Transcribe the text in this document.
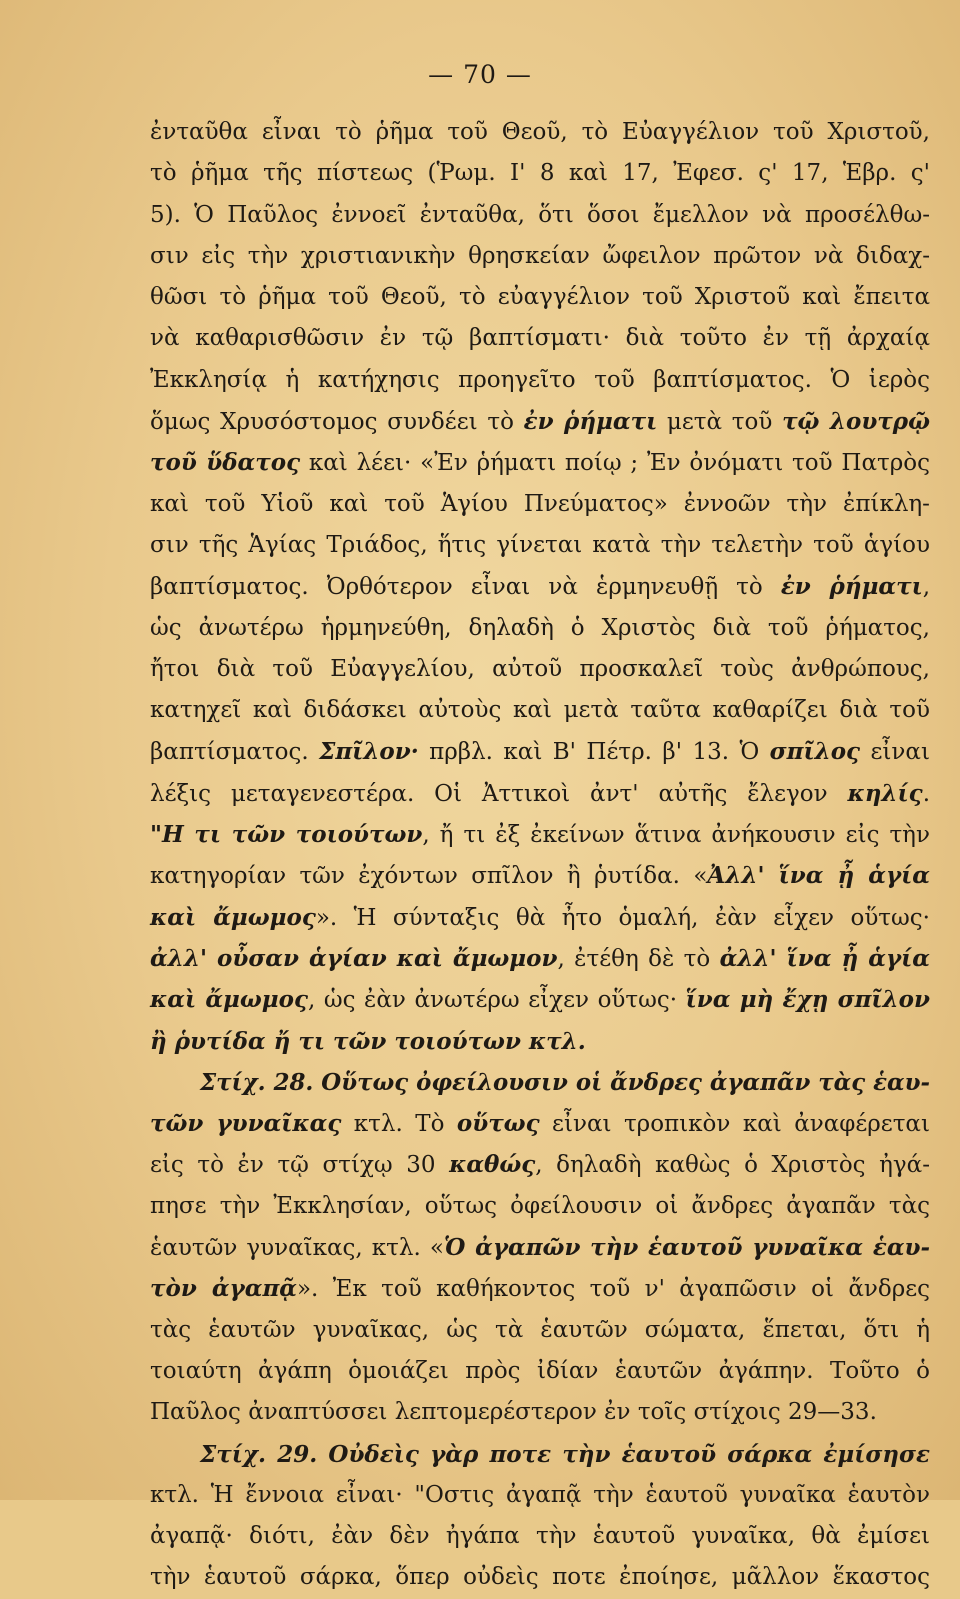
— 70 —
ἐνταῦθα εἶναι τὸ ῥῆμα τοῦ Θεοῦ, τὸ Εὐαγγέλιον τοῦ Χριστοῦ,
τὸ ῥῆμα τῆς πίστεως (Ῥωμ. Ι' 8 καὶ 17, Ἐφεσ. ς' 17, Ἑβρ. ς'
5). Ὁ Παῦλος ἐννοεῖ ἐνταῦθα, ὅτι ὅσοι ἔμελλον νὰ προσέλθω-
σιν εἰς τὴν χριστιανικὴν θρησκείαν ὤφειλον πρῶτον νὰ διδαχ-
θῶσι τὸ ῥῆμα τοῦ Θεοῦ, τὸ εὐαγγέλιον τοῦ Χριστοῦ καὶ ἔπειτα
νὰ καθαρισθῶσιν ἐν τῷ βαπτίσματι· διὰ τοῦτο ἐν τῇ ἀρχαίᾳ
Ἐκκλησίᾳ ἡ κατήχησις προηγεῖτο τοῦ βαπτίσματος. Ὁ ἱερὸς
ὅμως Χρυσόστομος συνδέει τὸ ἐν ῥήματι μετὰ τοῦ τῷ λουτρῷ
τοῦ ὕδατος καὶ λέει· «Ἐν ῥήματι ποίῳ ; Ἐν ὀνόματι τοῦ Πατρὸς
καὶ τοῦ Υἱοῦ καὶ τοῦ Ἁγίου Πνεύματος» ἐννοῶν τὴν ἐπίκλη-
σιν τῆς Ἁγίας Τριάδος, ἥτις γίνεται κατὰ τὴν τελετὴν τοῦ ἁγίου
βαπτίσματος. Ὀρθότερον εἶναι νὰ ἑρμηνευθῇ τὸ ἐν ῥήματι,
ὡς ἀνωτέρω ἡρμηνεύθη, δηλαδὴ ὁ Χριστὸς διὰ τοῦ ῥήματος,
ἤτοι διὰ τοῦ Εὐαγγελίου, αὐτοῦ προσκαλεῖ τοὺς ἀνθρώπους,
κατηχεῖ καὶ διδάσκει αὐτοὺς καὶ μετὰ ταῦτα καθαρίζει διὰ τοῦ
βαπτίσματος. Σπῖλον· πρβλ. καὶ Β' Πέτρ. β' 13. Ὁ σπῖλος εἶναι
λέξις μεταγενεστέρα. Οἱ Ἀττικοὶ ἀντ' αὐτῆς ἔλεγον κηλίς.
"Η τι τῶν τοιούτων, ἤ τι ἐξ ἐκείνων ἅτινα ἀνήκουσιν εἰς τὴν
κατηγορίαν τῶν ἐχόντων σπῖλον ἢ ῥυτίδα. «Ἀλλ' ἵνα ᾖ ἁγία
καὶ ἄμωμος». Ἡ σύνταξις θὰ ἦτο ὁμαλή, ἐὰν εἶχεν οὕτως·
ἀλλ' οὖσαν ἁγίαν καὶ ἄμωμον, ἐτέθη δὲ τὸ ἀλλ' ἵνα ᾖ ἁγία
καὶ ἄμωμος, ὡς ἐὰν ἀνωτέρω εἶχεν οὕτως· ἵνα μὴ ἔχῃ σπῖλον
ἢ ῥυτίδα ἤ τι τῶν τοιούτων κτλ.
Στίχ. 28. Οὕτως ὀφείλουσιν οἱ ἄνδρες ἀγαπᾶν τὰς ἑαυ-
τῶν γυναῖκας κτλ. Τὸ οὕτως εἶναι τροπικὸν καὶ ἀναφέρεται
εἰς τὸ ἐν τῷ στίχῳ 30 καθώς, δηλαδὴ καθὼς ὁ Χριστὸς ἠγά-
πησε τὴν Ἐκκλησίαν, οὕτως ὀφείλουσιν οἱ ἄνδρες ἀγαπᾶν τὰς
ἑαυτῶν γυναῖκας, κτλ. «Ὁ ἀγαπῶν τὴν ἑαυτοῦ γυναῖκα ἑαυ-
τὸν ἀγαπᾷ». Ἐκ τοῦ καθήκοντος τοῦ ν' ἀγαπῶσιν οἱ ἄνδρες
τὰς ἑαυτῶν γυναῖκας, ὡς τὰ ἑαυτῶν σώματα, ἕπεται, ὅτι ἡ
τοιαύτη ἀγάπη ὁμοιάζει πρὸς ἰδίαν ἑαυτῶν ἀγάπην. Τοῦτο ὁ
Παῦλος ἀναπτύσσει λεπτομερέστερον ἐν τοῖς στίχοις 29—33.
Στίχ. 29. Οὐδεὶς γὰρ ποτε τὴν ἑαυτοῦ σάρκα ἐμίσησε
κτλ. Ἡ ἔννοια εἶναι· "Οστις ἀγαπᾷ τὴν ἑαυτοῦ γυναῖκα ἑαυτὸν
ἀγαπᾷ· διότι, ἐὰν δὲν ἠγάπα τὴν ἑαυτοῦ γυναῖκα, θὰ ἐμίσει
τὴν ἑαυτοῦ σάρκα, ὅπερ οὐδεὶς ποτε ἐποίησε, μᾶλλον ἕκαστος
